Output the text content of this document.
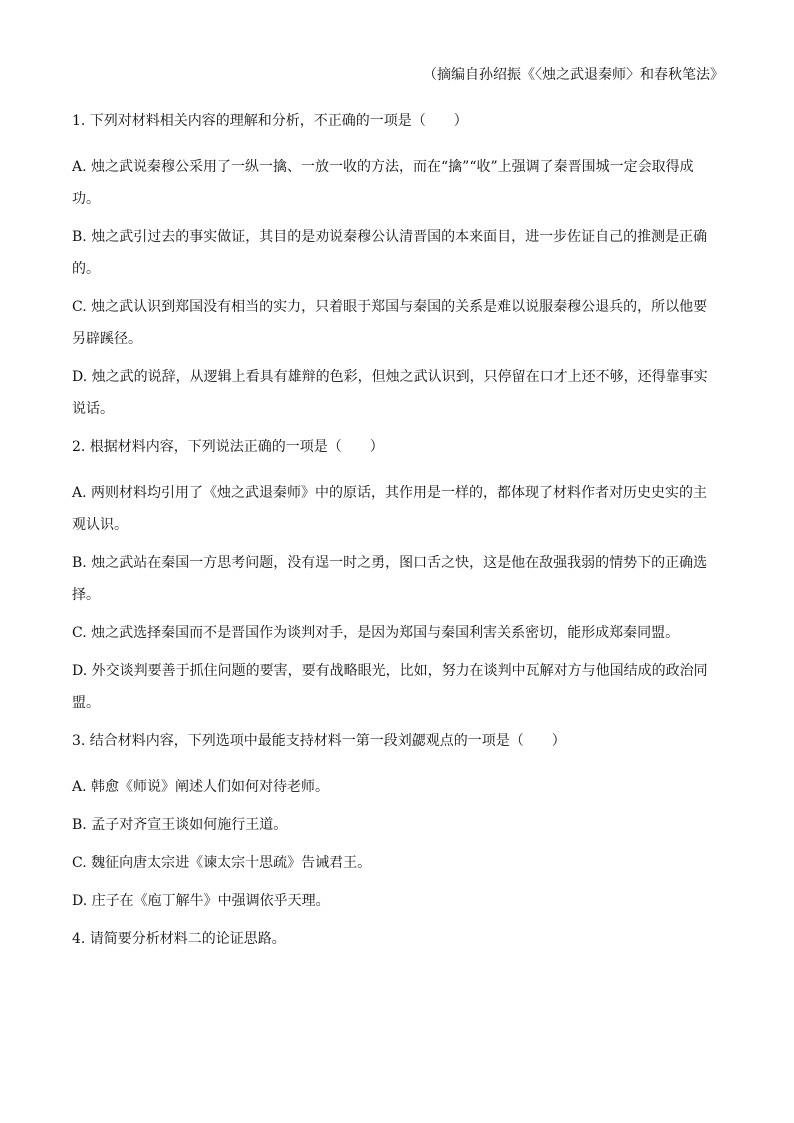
（摘编自孙绍振《〈烛之武退秦师〉和春秋笔法》
1. 下列对材料相关内容的理解和分析，不正确的一项是（　　）
A. 烛之武说秦穆公采用了一纵一擒、一放一收的方法，而在“擒”“收”上强调了秦晋围城一定会取得成
功。
B. 烛之武引过去的事实做证，其目的是劝说秦穆公认清晋国的本来面目，进一步佐证自己的推测是正确
的。
C. 烛之武认识到郑国没有相当的实力，只着眼于郑国与秦国的关系是难以说服秦穆公退兵的，所以他要
另辟蹊径。
D. 烛之武的说辞，从逻辑上看具有雄辩的色彩，但烛之武认识到，只停留在口才上还不够，还得靠事实
说话。
2. 根据材料内容，下列说法正确的一项是（　　）
A. 两则材料均引用了《烛之武退秦师》中的原话，其作用是一样的，都体现了材料作者对历史史实的主
观认识。
B. 烛之武站在秦国一方思考问题，没有逞一时之勇，图口舌之快，这是他在敌强我弱的情势下的正确选
择。
C. 烛之武选择秦国而不是晋国作为谈判对手，是因为郑国与秦国利害关系密切，能形成郑秦同盟。
D. 外交谈判要善于抓住问题的要害，要有战略眼光，比如，努力在谈判中瓦解对方与他国结成的政治同
盟。
3. 结合材料内容，下列选项中最能支持材料一第一段刘勰观点的一项是（　　）
A. 韩愈《师说》阐述人们如何对待老师。
B. 孟子对齐宣王谈如何施行王道。
C. 魏征向唐太宗进《谏太宗十思疏》告诫君王。
D. 庄子在《庖丁解牛》中强调依乎天理。
4. 请简要分析材料二的论证思路。
